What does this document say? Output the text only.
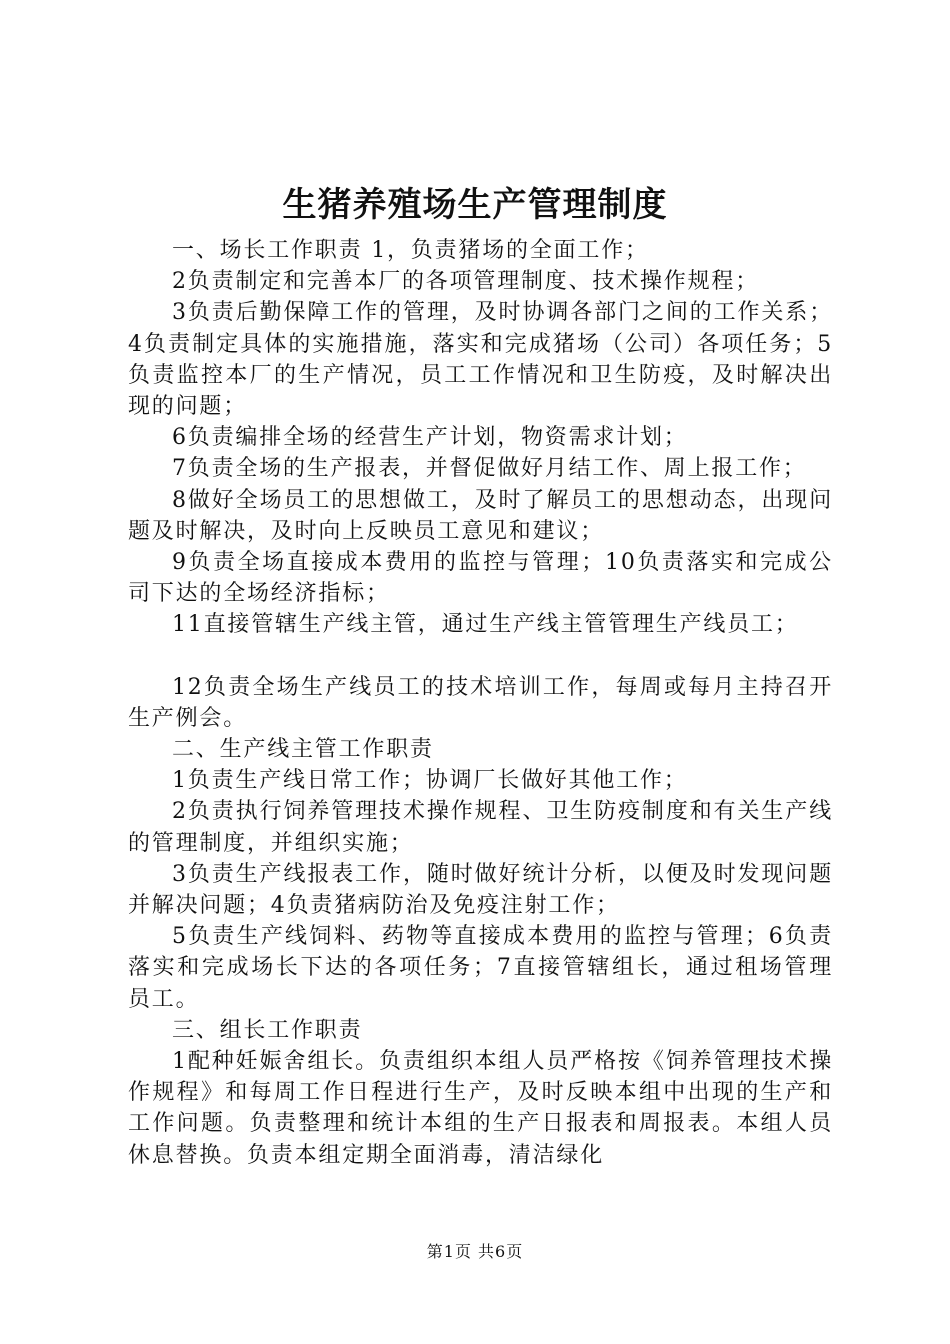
生猪养殖场生产管理制度

一、场长工作职责 1，负责猪场的全面工作；

2负责制定和完善本厂的各项管理制度、技术操作规程；

3负责后勤保障工作的管理，及时协调各部门之间的工作关系；4负责制定具体的实施措施，落实和完成猪场（公司）各项任务；5负责监控本厂的生产情况，员工工作情况和卫生防疫，及时解决出现的问题；

6负责编排全场的经营生产计划，物资需求计划；

7负责全场的生产报表，并督促做好月结工作、周上报工作；

8做好全场员工的思想做工，及时了解员工的思想动态，出现问题及时解决，及时向上反映员工意见和建议；

9负责全场直接成本费用的监控与管理；10负责落实和完成公司下达的全场经济指标；

11直接管辖生产线主管，通过生产线主管管理生产线员工；

12负责全场生产线员工的技术培训工作，每周或每月主持召开生产例会。

二、生产线主管工作职责

1负责生产线日常工作；协调厂长做好其他工作；

2负责执行饲养管理技术操作规程、卫生防疫制度和有关生产线的管理制度，并组织实施；

3负责生产线报表工作，随时做好统计分析，以便及时发现问题并解决问题；4负责猪病防治及免疫注射工作；

5负责生产线饲料、药物等直接成本费用的监控与管理；6负责落实和完成场长下达的各项任务；7直接管辖组长，通过租场管理员工。

三、组长工作职责

1配种妊娠舍组长。负责组织本组人员严格按《饲养管理技术操作规程》和每周工作日程进行生产，及时反映本组中出现的生产和工作问题。负责整理和统计本组的生产日报表和周报表。本组人员休息替换。负责本组定期全面消毒，清洁绿化

第1页 共6页
